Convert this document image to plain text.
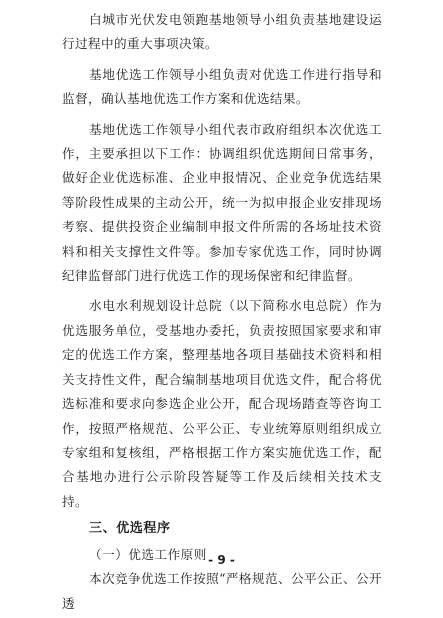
白城市光伏发电领跑基地领导小组负责基地建设运行过程中的重大事项决策。

基地优选工作领导小组负责对优选工作进行指导和监督，确认基地优选工作方案和优选结果。

基地优选工作领导小组代表市政府组织本次优选工作，主要承担以下工作：协调组织优选期间日常事务，做好企业优选标准、企业申报情况、企业竞争优选结果等阶段性成果的主动公开，统一为拟申报企业安排现场考察、提供投资企业编制申报文件所需的各场址技术资料和相关支撑性文件等。参加专家优选工作，同时协调纪律监督部门进行优选工作的现场保密和纪律监督。

水电水利规划设计总院（以下简称水电总院）作为优选服务单位，受基地办委托，负责按照国家要求和审定的优选工作方案，整理基地各项目基础技术资料和相关支持性文件，配合编制基地项目优选文件，配合将优选标准和要求向参选企业公开，配合现场踏查等咨询工作，按照严格规范、公平公正、专业统筹原则组织成立专家组和复核组，严格根据工作方案实施优选工作，配合基地办进行公示阶段答疑等工作及后续相关技术支持。

三、优选程序

（一）优选工作原则

本次竞争优选工作按照“严格规范、公平公正、公开透

- 9 -
